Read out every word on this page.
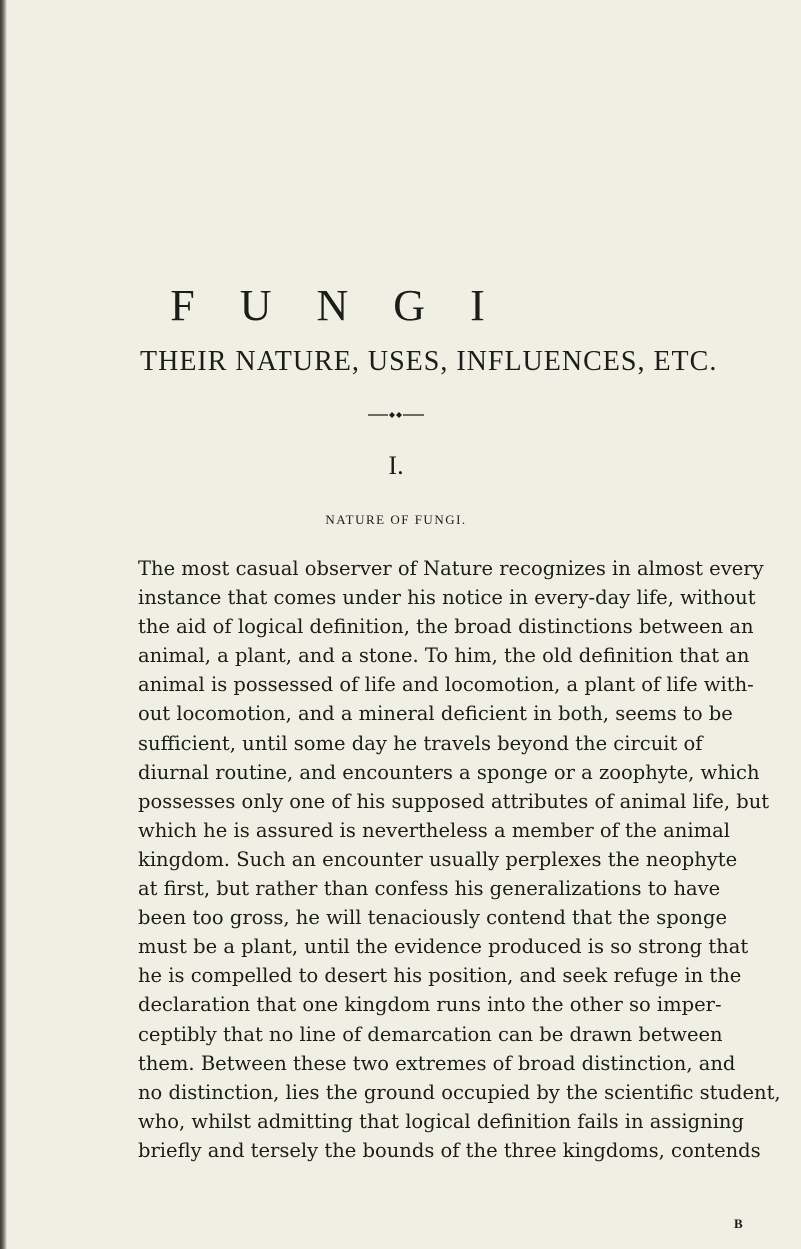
F U N G I
THEIR NATURE, USES, INFLUENCES, ETC.
I.
NATURE OF FUNGI.
The most casual observer of Nature recognizes in almost every
instance that comes under his notice in every-day life, without
the aid of logical definition, the broad distinctions between an
animal, a plant, and a stone. To him, the old definition that an
animal is possessed of life and locomotion, a plant of life with-
out locomotion, and a mineral deficient in both, seems to be
sufficient, until some day he travels beyond the circuit of
diurnal routine, and encounters a sponge or a zoophyte, which
possesses only one of his supposed attributes of animal life, but
which he is assured is nevertheless a member of the animal
kingdom. Such an encounter usually perplexes the neophyte
at first, but rather than confess his generalizations to have
been too gross, he will tenaciously contend that the sponge
must be a plant, until the evidence produced is so strong that
he is compelled to desert his position, and seek refuge in the
declaration that one kingdom runs into the other so imper-
ceptibly that no line of demarcation can be drawn between
them. Between these two extremes of broad distinction, and
no distinction, lies the ground occupied by the scientific student,
who, whilst admitting that logical definition fails in assigning
briefly and tersely the bounds of the three kingdoms, contends
B
